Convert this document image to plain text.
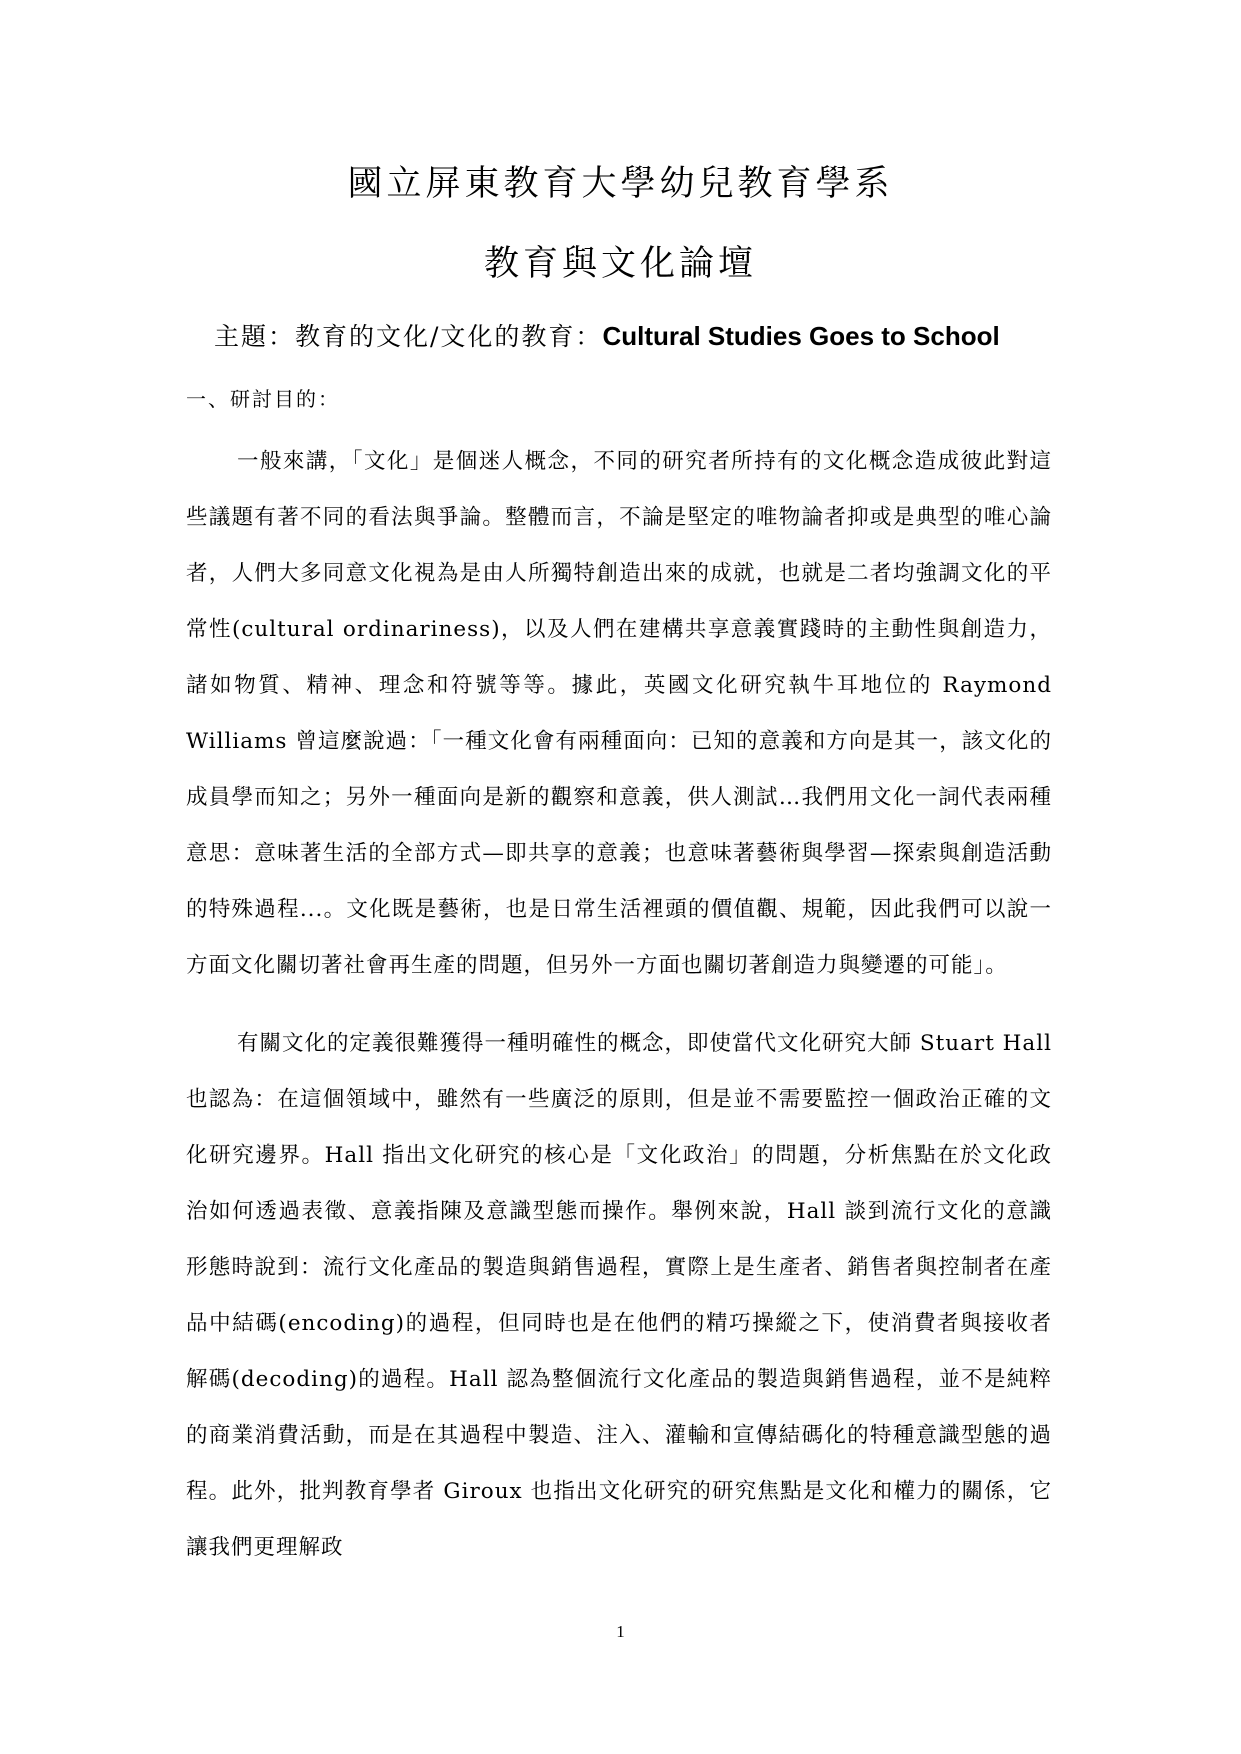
國立屏東教育大學幼兒教育學系
教育與文化論壇
主題：教育的文化/文化的教育：Cultural Studies Goes to School
一、研討目的：

一般來講，「文化」是個迷人概念，不同的研究者所持有的文化概念造成彼此對這些議題有著不同的看法與爭論。整體而言，不論是堅定的唯物論者抑或是典型的唯心論者，人們大多同意文化視為是由人所獨特創造出來的成就，也就是二者均強調文化的平常性(cultural ordinariness)，以及人們在建構共享意義實踐時的主動性與創造力，諸如物質、精神、理念和符號等等。據此，英國文化研究執牛耳地位的 Raymond Williams 曾這麼說過：「一種文化會有兩種面向：已知的意義和方向是其一，該文化的成員學而知之；另外一種面向是新的觀察和意義，供人測試…我們用文化一詞代表兩種意思：意味著生活的全部方式—即共享的意義；也意味著藝術與學習—探索與創造活動的特殊過程...。文化既是藝術，也是日常生活裡頭的價值觀、規範，因此我們可以說一方面文化關切著社會再生產的問題，但另外一方面也關切著創造力與變遷的可能」。

有關文化的定義很難獲得一種明確性的概念，即使當代文化研究大師 Stuart Hall 也認為：在這個領域中，雖然有一些廣泛的原則，但是並不需要監控一個政治正確的文化研究邊界。Hall 指出文化研究的核心是「文化政治」的問題，分析焦點在於文化政治如何透過表徵、意義指陳及意識型態而操作。舉例來說，Hall 談到流行文化的意識形態時說到：流行文化產品的製造與銷售過程，實際上是生產者、銷售者與控制者在產品中結碼(encoding)的過程，但同時也是在他們的精巧操縱之下，使消費者與接收者解碼(decoding)的過程。Hall 認為整個流行文化產品的製造與銷售過程，並不是純粹的商業消費活動，而是在其過程中製造、注入、灌輸和宣傳結碼化的特種意識型態的過程。此外，批判教育學者 Giroux 也指出文化研究的研究焦點是文化和權力的關係，它讓我們更理解政

1
